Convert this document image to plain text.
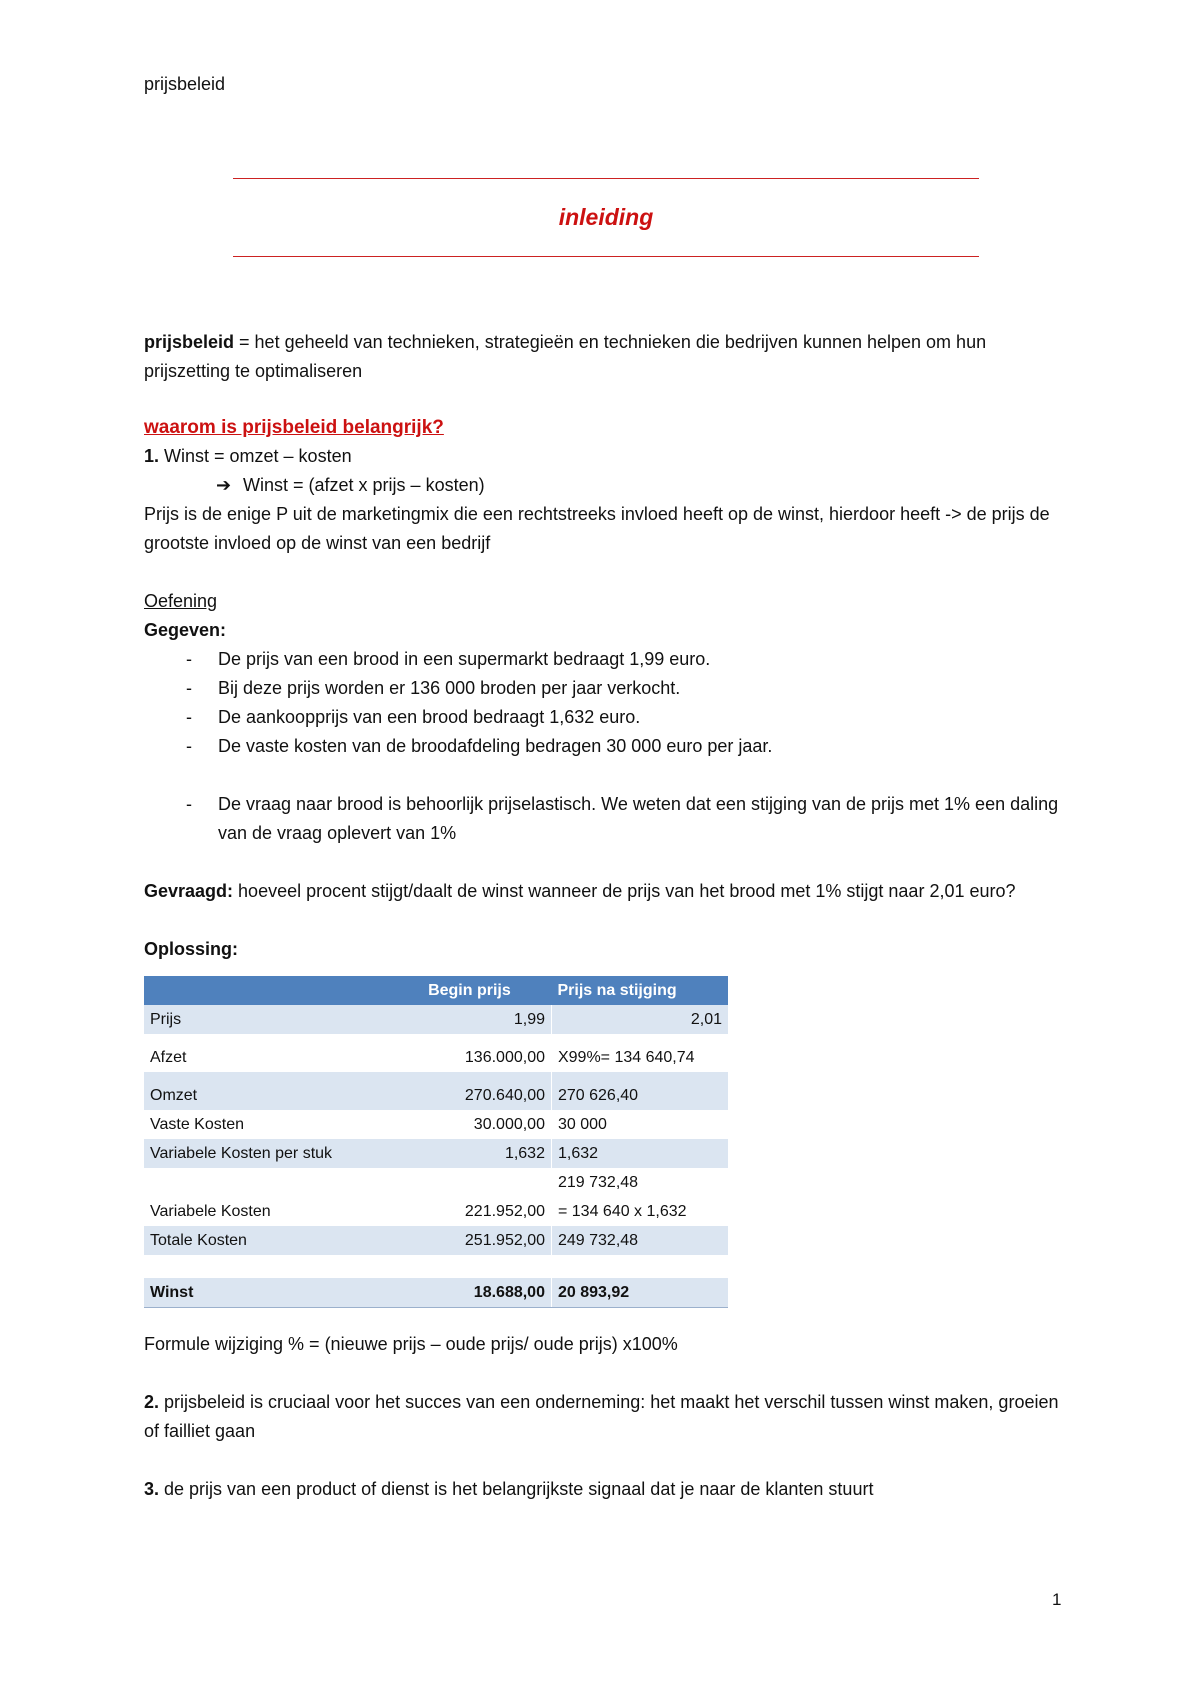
prijsbeleid
inleiding

prijsbeleid = het geheeld van technieken, strategieën en technieken die bedrijven kunnen helpen om hun prijszetting te optimaliseren

waarom is prijsbeleid belangrijk?

1. Winst = omzet – kosten

➔ Winst = (afzet x prijs – kosten)

Prijs is de enige P uit de marketingmix die een rechtstreeks invloed heeft op de winst, hierdoor heeft -> de prijs de grootste invloed op de winst van een bedrijf

Oefening

Gegeven:

- De prijs van een brood in een supermarkt bedraagt 1,99 euro.

- Bij deze prijs worden er 136 000 broden per jaar verkocht.

- De aankoopprijs van een brood bedraagt 1,632 euro.

- De vaste kosten van de broodafdeling bedragen 30 000 euro per jaar.

- De vraag naar brood is behoorlijk prijselastisch. We weten dat een stijging van de prijs met 1% een daling van de vraag oplevert van 1%

Gevraagd: hoeveel procent stijgt/daalt de winst wanneer de prijs van het brood met 1% stijgt naar 2,01 euro?

Oplossing:

	Begin prijs	Prijs na stijging
Prijs	1,99	2,01
Afzet	136.000,00	X99%= 134 640,74
Omzet	270.640,00	270 626,40
Vaste Kosten	30.000,00	30 000
Variabele Kosten per stuk	1,632	1,632
		219 732,48
Variabele Kosten	221.952,00	= 134 640 x 1,632
Totale Kosten	251.952,00	249 732,48

Winst	18.688,00	20 893,92

Formule wijziging % = (nieuwe prijs – oude prijs/ oude prijs) x100%

2. prijsbeleid is cruciaal voor het succes van een onderneming: het maakt het verschil tussen winst maken, groeien of failliet gaan

3. de prijs van een product of dienst is het belangrijkste signaal dat je naar de klanten stuurt

1
